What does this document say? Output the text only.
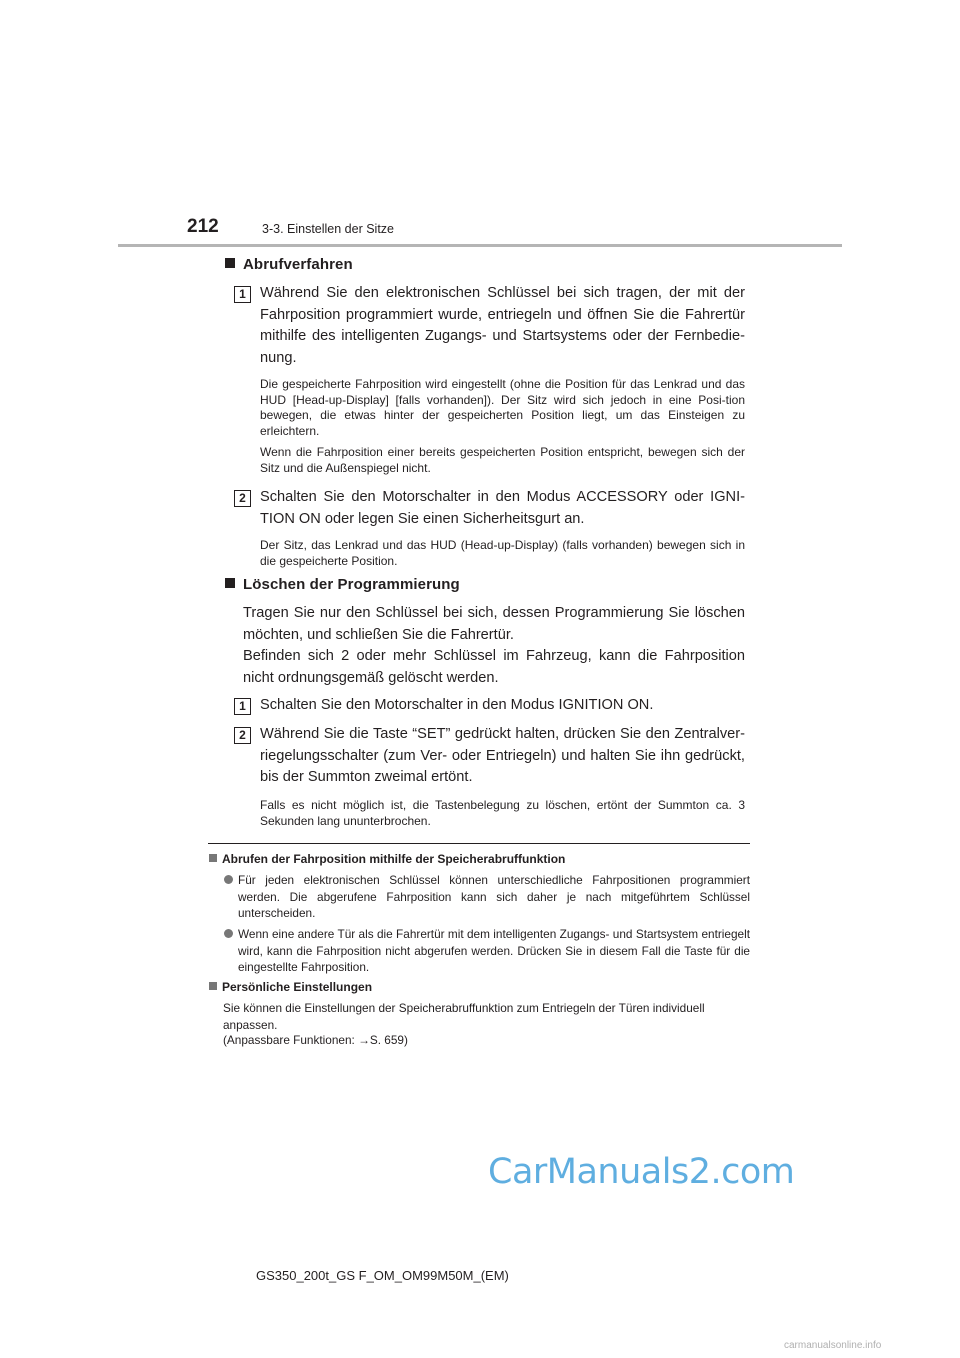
212	3-3. Einstellen der Sitze
Abrufverfahren
1 Während Sie den elektronischen Schlüssel bei sich tragen, der mit der Fahrposition programmiert wurde, entriegeln und öffnen Sie die Fahrertür mithilfe des intelligenten Zugangs- und Startsystems oder der Fernbedie-nung.

Die gespeicherte Fahrposition wird eingestellt (ohne die Position für das Lenkrad und das HUD [Head-up-Display] [falls vorhanden]). Der Sitz wird sich jedoch in eine Posi-tion bewegen, die etwas hinter der gespeicherten Position liegt, um das Einsteigen zu erleichtern.

Wenn die Fahrposition einer bereits gespeicherten Position entspricht, bewegen sich der Sitz und die Außenspiegel nicht.

2 Schalten Sie den Motorschalter in den Modus ACCESSORY oder IGNI-TION ON oder legen Sie einen Sicherheitsgurt an.
Der Sitz, das Lenkrad und das HUD (Head-up-Display) (falls vorhanden) bewegen sich in die gespeicherte Position.
Löschen der Programmierung
Tragen Sie nur den Schlüssel bei sich, dessen Programmierung Sie löschen möchten, und schließen Sie die Fahrertür.
Befinden sich 2 oder mehr Schlüssel im Fahrzeug, kann die Fahrposition nicht ordnungsgemäß gelöscht werden.
1 Schalten Sie den Motorschalter in den Modus IGNITION ON.
2 Während Sie die Taste “SET” gedrückt halten, drücken Sie den Zentralver-riegelungsschalter (zum Ver- oder Entriegeln) und halten Sie ihn gedrückt, bis der Summton zweimal ertönt.
Falls es nicht möglich ist, die Tastenbelegung zu löschen, ertönt der Summton ca. 3 Sekunden lang ununterbrochen.
Abrufen der Fahrposition mithilfe der Speicherabruffunktion
Für jeden elektronischen Schlüssel können unterschiedliche Fahrpositionen programmiert werden. Die abgerufene Fahrposition kann sich daher je nach mitgeführtem Schlüssel unterscheiden.
Wenn eine andere Tür als die Fahrertür mit dem intelligenten Zugangs- und Startsystem entriegelt wird, kann die Fahrposition nicht abgerufen werden. Drücken Sie in diesem Fall die Taste für die eingestellte Fahrposition.
Persönliche Einstellungen
Sie können die Einstellungen der Speicherabruffunktion zum Entriegeln der Türen individuell anpassen.
(Anpassbare Funktionen: →S. 659)
CarManuals2.com
GS350_200t_GS F_OM_OM99M50M_(EM)
carmanualsonline.info
